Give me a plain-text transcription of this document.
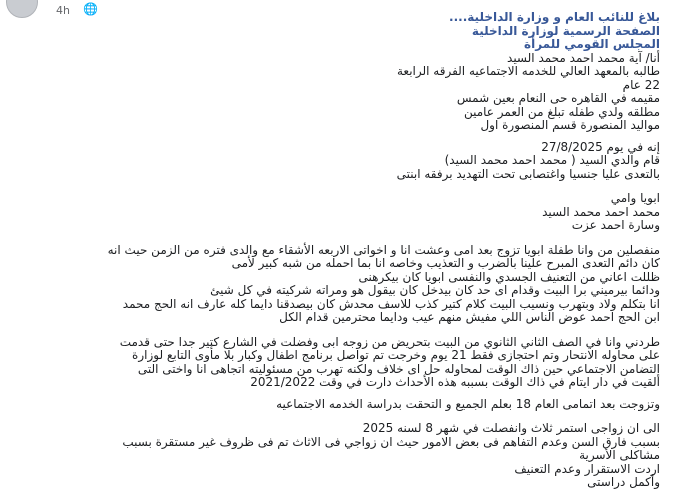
4h 🌐

بلاغ للنائب العام و وزارة الداخلية....

الصفحة الرسمية لوزارة الداخلية

المجلس القومي للمرأة

أنا/ آية محمد احمد محمد السيد

طالبه بالمعهد العالي للخدمه الاجتماعيه الفرقه الرابعة

22 عام

مقيمه في القاهره حى النعام بعين شمس

مطلقه ولدي طفله تبلغ من العمر عامين

مواليد المنصورة قسم المنصورة اول

إنه في يوم 27/8/2025

قام والدي السيد ( محمد احمد محمد السيد)

بالتعدى عليا جنسيا واغتصابى تحت التهديد برفقه ابنتى

ابويا وامي

محمد احمد محمد السيد

وسارة احمد عزت

منفصلين من وانا طفلة ابويا تزوج بعد امى وعشت انا و اخواتى الاربعه الأشقاء مع والدى فتره من الزمن حيث انه

كان دائم التعدى المبرح علينا بالضرب و التعذيب وخاصه انا بما احمله من شبه كبير لأمى

ظللت اعاني من التعنيف الجسدي والنفسى ابويا كان بيكرهنى

ودائما بيرميني برا البيت وقدام اى حد كان بيدخل كان بيقول هو ومراته شركيته في كل شيئ

انا بتكلم ولاد وبتهرب ونسيب البيت كلام كتير كذب للاسف محدش كان بيصدقنا دايما كله عارف انه الحج محمد

ابن الحج احمد عوض الناس اللي مفيش منهم عيب ودايما محترمين قدام الكل

طردني وانا في الصف الثاني الثانوي من البيت بتحريض من زوجه ابى وفضلت في الشارع كتير جدا حتى قدمت

على محاوله الانتحار وتم احتجازى فقط 21 يوم وخرجت تم تواصل برنامج اطفال وكبار بلا مأوى التابع لوزارة

التضامن الاجتماعي حين ذاك الوقت لمحاوله حل اى خلاف ولكنه تهرب من مسئوليته اتجاهى انا واختى التى

ألقيت في دار ايتام في ذاك الوقت بسببه هذه الأحداث دارت في وقت 2021/2022

وتزوجت بعد اتمامى العام 18 بعلم الجميع و التحقت بدراسة الخدمه الاجتماعيه

الى ان زواجى استمر ثلاث وانفصلت في شهر 8 لسنه 2025

بسبب فارق السن وعدم التفاهم فى بعض الامور حيث ان زواجي فى الاثاث تم فى ظروف غير مستقرة بسبب

مشاكلى الأسرية

اردت الاستقرار وعدم التعنيف

وأكمل دراستى
